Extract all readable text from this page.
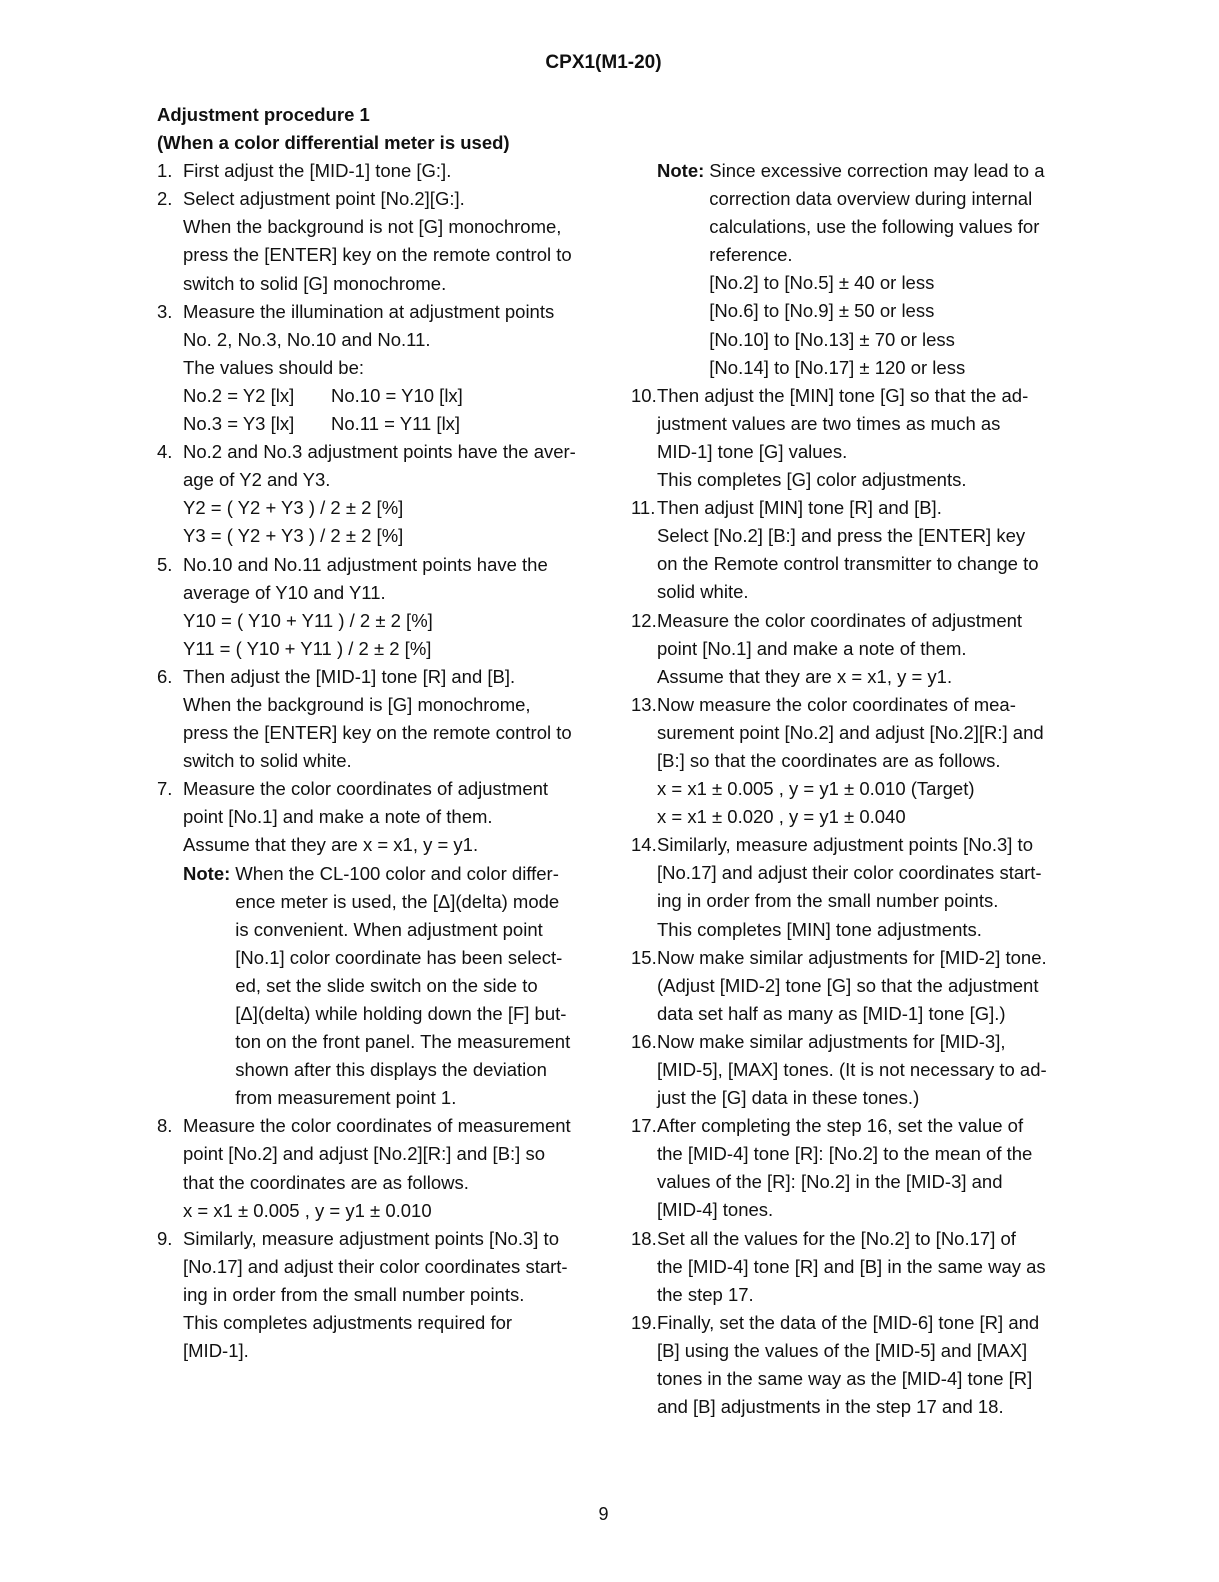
CPX1(M1-20)
Adjustment procedure 1
(When a color differential meter is used)
1. First adjust the [MID-1] tone [G:].
2. Select adjustment point [No.2][G:].
When the background is not [G] monochrome,
press the [ENTER] key on the remote control to
switch to solid [G] monochrome.
3. Measure the illumination at adjustment points
No. 2, No.3, No.10 and No.11.
The values should be:
No.2 = Y2 [lx]	No.10 = Y10 [lx]
No.3 = Y3 [lx]	No.11 = Y11 [lx]
4. No.2 and No.3 adjustment points have the aver-
age of Y2 and Y3.
Y2 = ( Y2 + Y3 ) / 2 ± 2 [%]
Y3 = ( Y2 + Y3 ) / 2 ± 2 [%]
5. No.10 and No.11 adjustment points have the
average of Y10 and Y11.
Y10 = ( Y10 + Y11 ) / 2 ± 2 [%]
Y11 = ( Y10 + Y11 ) / 2 ± 2 [%]
6. Then adjust the [MID-1] tone [R] and [B].
When the background is [G] monochrome,
press the [ENTER] key on the remote control to
switch to solid white.
7. Measure the color coordinates of adjustment
point [No.1] and make a note of them.
Assume that they are x = x1, y = y1.
Note: When the CL-100 color and color differ-
ence meter is used, the [Δ](delta) mode
is convenient. When adjustment point
[No.1] color coordinate has been select-
ed, set the slide switch on the side to
[Δ](delta) while holding down the [F] but-
ton on the front panel. The measurement
shown after this displays the deviation
from measurement point 1.
8. Measure the color coordinates of measurement
point [No.2] and adjust [No.2][R:] and [B:] so
that the coordinates are as follows.
x = x1 ± 0.005 , y = y1 ± 0.010
9. Similarly, measure adjustment points [No.3] to
[No.17] and adjust their color coordinates start-
ing in order from the small number points.
This completes adjustments required for
[MID-1].
Note: Since excessive correction may lead to a
correction data overview during internal
calculations, use the following values for
reference.
[No.2] to [No.5] ± 40 or less
[No.6] to [No.9] ± 50 or less
[No.10] to [No.13] ± 70 or less
[No.14] to [No.17] ± 120 or less
10. Then adjust the [MIN] tone [G] so that the ad-
justment values are two times as much as
MID-1] tone [G] values.
This completes [G] color adjustments.
11. Then adjust [MIN] tone [R] and [B].
Select [No.2] [B:] and press the [ENTER] key
on the Remote control transmitter to change to
solid white.
12. Measure the color coordinates of adjustment
point [No.1] and make a note of them.
Assume that they are x = x1, y = y1.
13. Now measure the color coordinates of mea-
surement point [No.2] and adjust [No.2][R:] and
[B:] so that the coordinates are as follows.
x = x1 ± 0.005 , y = y1 ± 0.010 (Target)
x = x1 ± 0.020 , y = y1 ± 0.040
14. Similarly, measure adjustment points [No.3] to
[No.17] and adjust their color coordinates start-
ing in order from the small number points.
This completes [MIN] tone adjustments.
15. Now make similar adjustments for [MID-2] tone.
(Adjust [MID-2] tone [G] so that the adjustment
data set half as many as [MID-1] tone [G].)
16. Now make similar adjustments for [MID-3],
[MID-5], [MAX] tones. (It is not necessary to ad-
just the [G] data in these tones.)
17. After completing the step 16, set the value of
the [MID-4] tone [R]: [No.2] to the mean of the
values of the [R]: [No.2] in the [MID-3] and
[MID-4] tones.
18. Set all the values for the [No.2] to [No.17] of
the [MID-4] tone [R] and [B] in the same way as
the step 17.
19. Finally, set the data of the [MID-6] tone [R] and
[B] using the values of the [MID-5] and [MAX]
tones in the same way as the [MID-4] tone [R]
and [B] adjustments in the step 17 and 18.
9
